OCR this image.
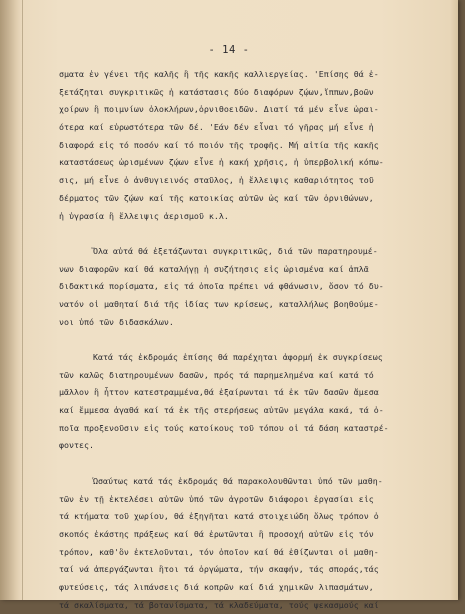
- 14 -
σματα ἐν γένει τῆς καλῆς ἢ τῆς κακῆς καλλιεργείας. 'Επίσης θά ἐ-
ξετάζηται συγκριτικῶς ἡ κατάστασις δύο διαφόρων ζῴων,ἵππων,βοῶν
χοίρων ἢ ποιμνίων ὁλοκλήρων,ὀρνιθοειδῶν. Διατί τά μέν εἶνε ὡραι-
ότερα καί εὐρωστότερα τῶν δέ. 'Εάν δέν εἶναι τό γῆρας μή εἶνε ἡ
διαφορά εἰς τό ποσόν καί τό ποιόν τῆς τροφῆς. Μή αἰτία τῆς κακῆς
καταστάσεως ὡρισμένων ζῴων εἶνε ἡ κακή χρῆσις, ἡ ὑπερβολική κόπω-
σις, μή εἶνε ὁ ἀνθυγιεινός σταῦλος, ἡ ἔλλειψις καθαριότητος τοῦ
δέρματος τῶν ζῴων καί τῆς κατοικίας αὐτῶν ὡς καί τῶν ὀρνιθώνων,
ἡ ὑγρασία ἢ ἔλλειψις ἀερισμοῦ κ.λ.
Ὅλα αὐτά θά ἐξετάζωνται συγκριτικῶς, διά τῶν παρατηρουμέ-
νων διαφορῶν καί θά καταλήγῃ ἡ συζήτησις εἰς ὡρισμένα καί ἁπλᾶ
διδακτικά πορίσματα, εἰς τά ὁποῖα πρέπει νά φθάνωσιν, ὅσον τό δυ-
νατόν οἱ μαθηταί διά τῆς ἰδίας των κρίσεως, καταλλήλως βοηθούμε-
νοι ὑπό τῶν διδασκάλων.
Κατά τάς ἐκδρομάς ἐπίσης θά παρέχηται ἀφορμή ἐκ συγκρίσεως
τῶν καλῶς διατηρουμένων δασῶν, πρός τά παρημελημένα καί κατά τό
μᾶλλον ἢ ἧττον κατεστραμμένα,θά ἐξαίρωνται τά ἐκ τῶν δασῶν ἄμεσα
καί ἔμμεσα ἀγαθά καί τά ἐκ τῆς στερήσεως αὐτῶν μεγάλα κακά, τά ὁ-
ποῖα προξενοῦσιν εἰς τούς κατοίκους τοῦ τόπου οἱ τά δάση καταστρέ-
φοντες.
Ὡσαύτως κατά τάς ἐκδρομάς θά παρακολουθῶνται ὑπό τῶν μαθη-
τῶν ἐν τῇ ἐκτελέσει αὐτῶν ὑπό τῶν ἀγροτῶν διάφοροι ἐργασίαι εἰς
τά κτήματα τοῦ χωρίου, θά ἐξηγῆται κατά στοιχειώδη ὅλως τρόπον ὁ
σκοπός ἑκάστης πράξεως καί θά ἐρωτῶνται ἢ προσοχή αὐτῶν εἰς τόν
τρόπον, καθ'ὃν ἐκτελοῦνται, τόν ὁποῖον καί θά ἐθίζωνται οἱ μαθη-
ταί νά ἀπεργάζωνται ἢτοι τά ὀργώματα, τήν σκαφήν, τάς σποράς,τάς
φυτεύσεις, τάς λιπάνσεις διά κοπρῶν καί διά χημικῶν λιπασμάτων,
τά σκαλίσματα, τά βοτανίσματα, τά κλαδεύματα, τούς ψεκασμούς καί
